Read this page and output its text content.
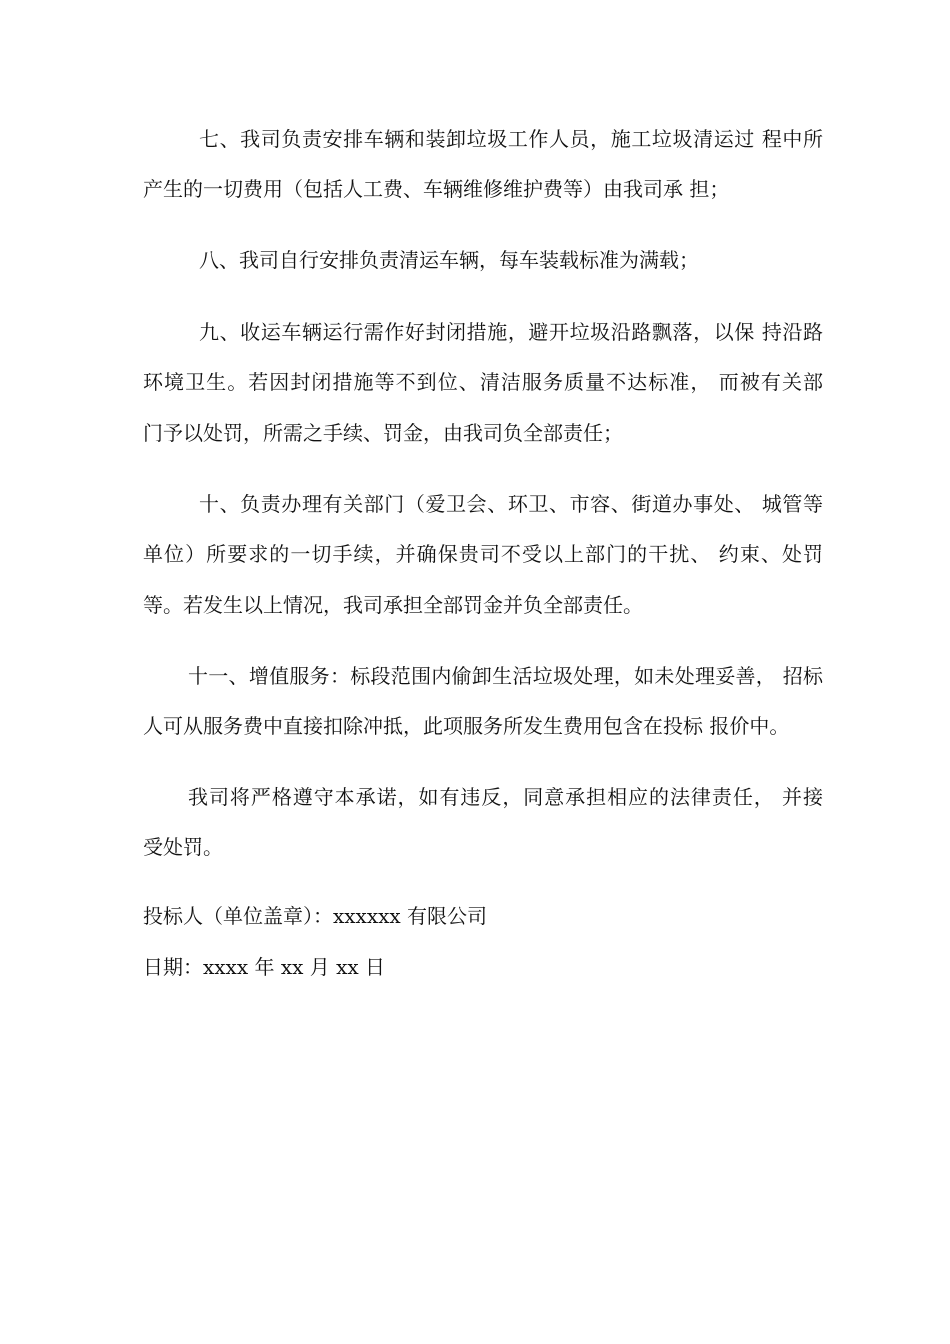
七、我司负责安排车辆和装卸垃圾工作人员，施工垃圾清运过 程中所
产生的一切费用（包括人工费、车辆维修维护费等）由我司承 担；
八、我司自行安排负责清运车辆，每车装载标准为满载；
九、收运车辆运行需作好封闭措施，避开垃圾沿路飘落，以保 持沿路
环境卫生。若因封闭措施等不到位、清洁服务质量不达标准， 而被有关部
门予以处罚，所需之手续、罚金，由我司负全部责任；
十、负责办理有关部门（爱卫会、环卫、市容、街道办事处、 城管等
单位）所要求的一切手续，并确保贵司不受以上部门的干扰、 约束、处罚
等。若发生以上情况，我司承担全部罚金并负全部责任。
十一、增值服务：标段范围内偷卸生活垃圾处理，如未处理妥善， 招标
人可从服务费中直接扣除冲抵，此项服务所发生费用包含在投标 报价中。
我司将严格遵守本承诺，如有违反，同意承担相应的法律责任， 并接
受处罚。
投标人（单位盖章）：xxxxxx 有限公司
日期：xxxx 年 xx 月 xx 日
